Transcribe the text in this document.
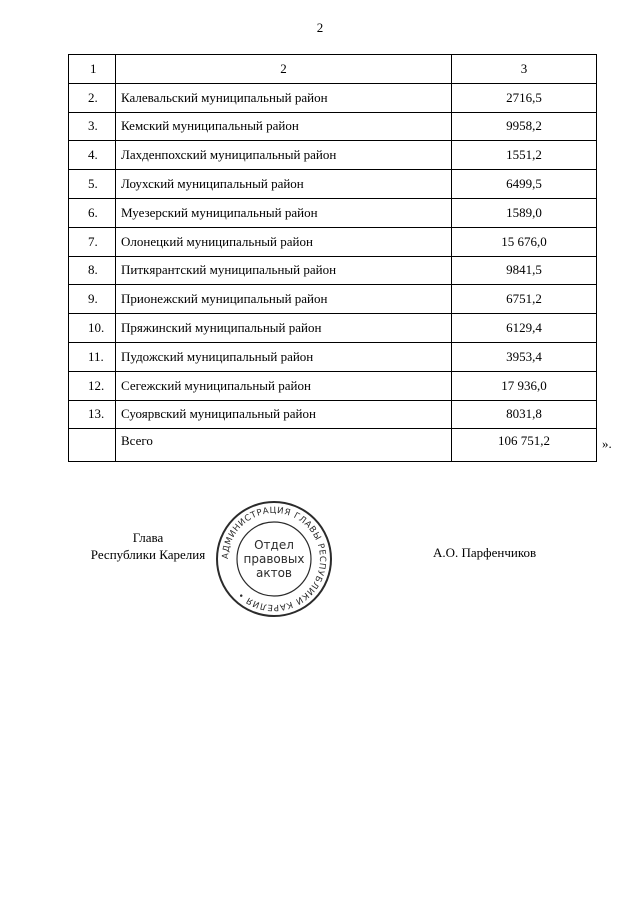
2
1	2	3
2.	Калевальский муниципальный район	2716,5
3.	Кемский муниципальный район	9958,2
4.	Лахденпохский муниципальный район	1551,2
5.	Лоухский муниципальный район	6499,5
6.	Муезерский муниципальный район	1589,0
7.	Олонецкий муниципальный район	15 676,0
8.	Питкярантский муниципальный район	9841,5
9.	Прионежский муниципальный район	6751,2
10.	Пряжинский муниципальный район	6129,4
11.	Пудожский муниципальный район	3953,4
12.	Сегежский муниципальный район	17 936,0
13.	Суоярвский муниципальный район	8031,8
	Всего	106 751,2	».
Глава
Республики Карелия	АДМИНИСТРАЦИЯ ГЛАВЫ РЕСПУБЛИКИ КАРЕЛИЯ •
Отдел
правовых
актов
А.О. Парфенчиков
